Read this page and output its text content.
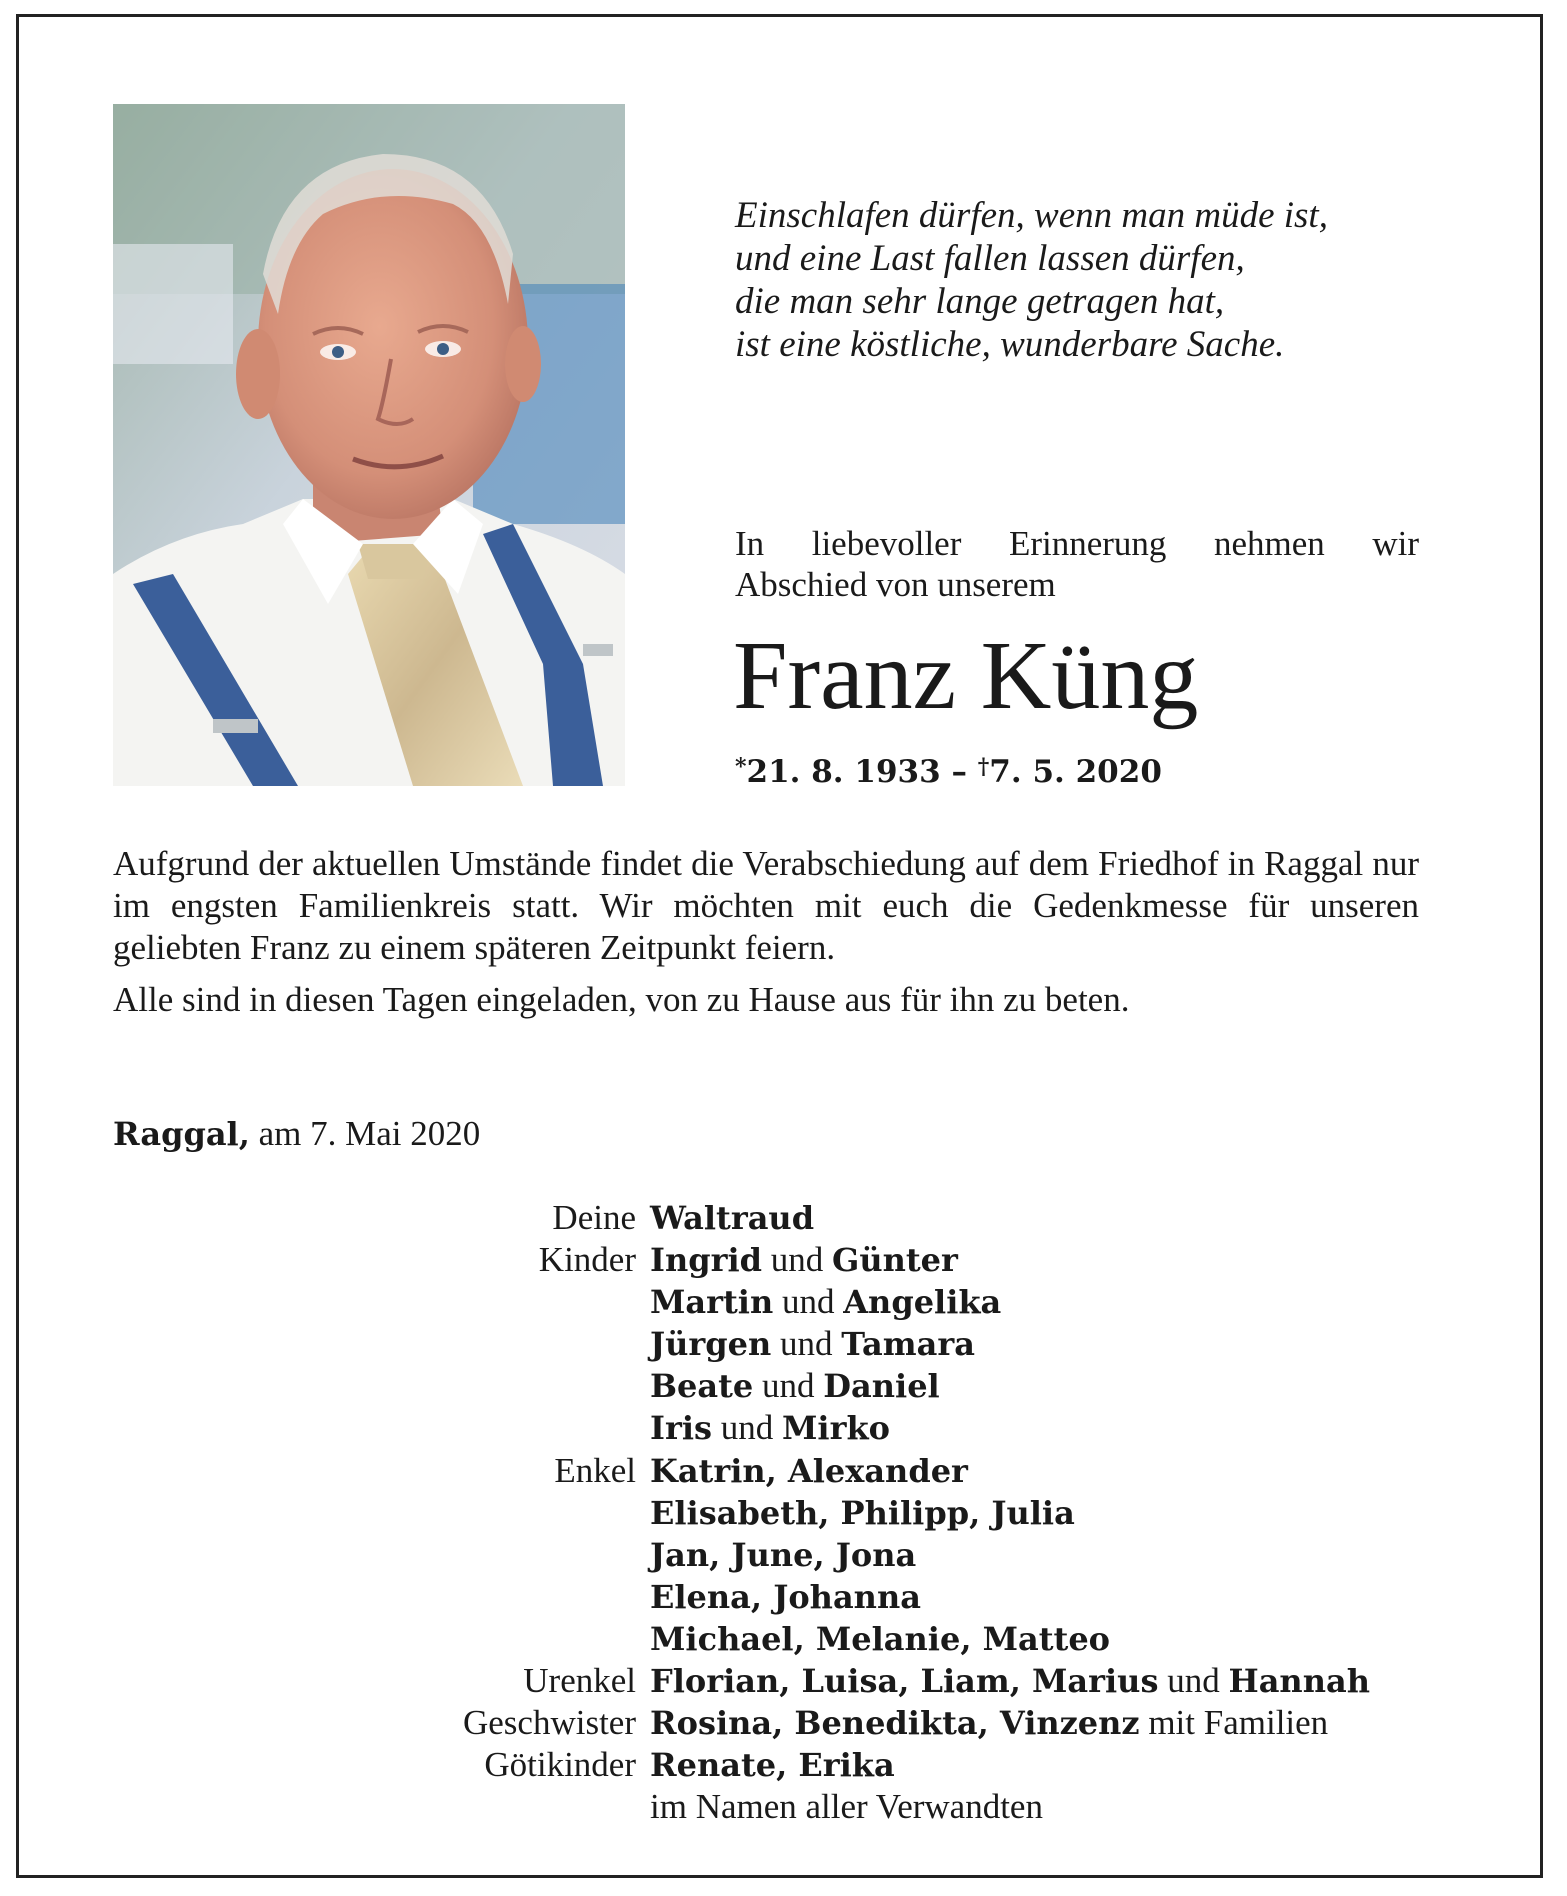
Einschlafen dürfen, wenn man müde ist,
und eine Last fallen lassen dürfen,
die man sehr lange getragen hat,
ist eine köstliche, wunderbare Sache.
In liebevoller Erinnerung nehmen wir
Abschied von unserem
Franz Küng
*21. 8. 1933 – †7. 5. 2020

Aufgrund der aktuellen Umstände findet die Verabschiedung auf dem Friedhof in Raggal nur im engsten Familienkreis statt. Wir möchten mit euch die Gedenkmesse für unseren geliebten Franz zu einem späteren Zeitpunkt feiern.

Alle sind in diesen Tagen eingeladen, von zu Hause aus für ihn zu beten.

Raggal, am 7. Mai 2020
Deine Waltraud
Kinder Ingrid und Günter
Martin und Angelika
Jürgen und Tamara
Beate und Daniel
Iris und Mirko
Enkel Katrin, Alexander
Elisabeth, Philipp, Julia
Jan, June, Jona
Elena, Johanna
Michael, Melanie, Matteo
Urenkel Florian, Luisa, Liam, Marius und Hannah
Geschwister Rosina, Benedikta, Vinzenz mit Familien
Götikinder Renate, Erika
im Namen aller Verwandten
